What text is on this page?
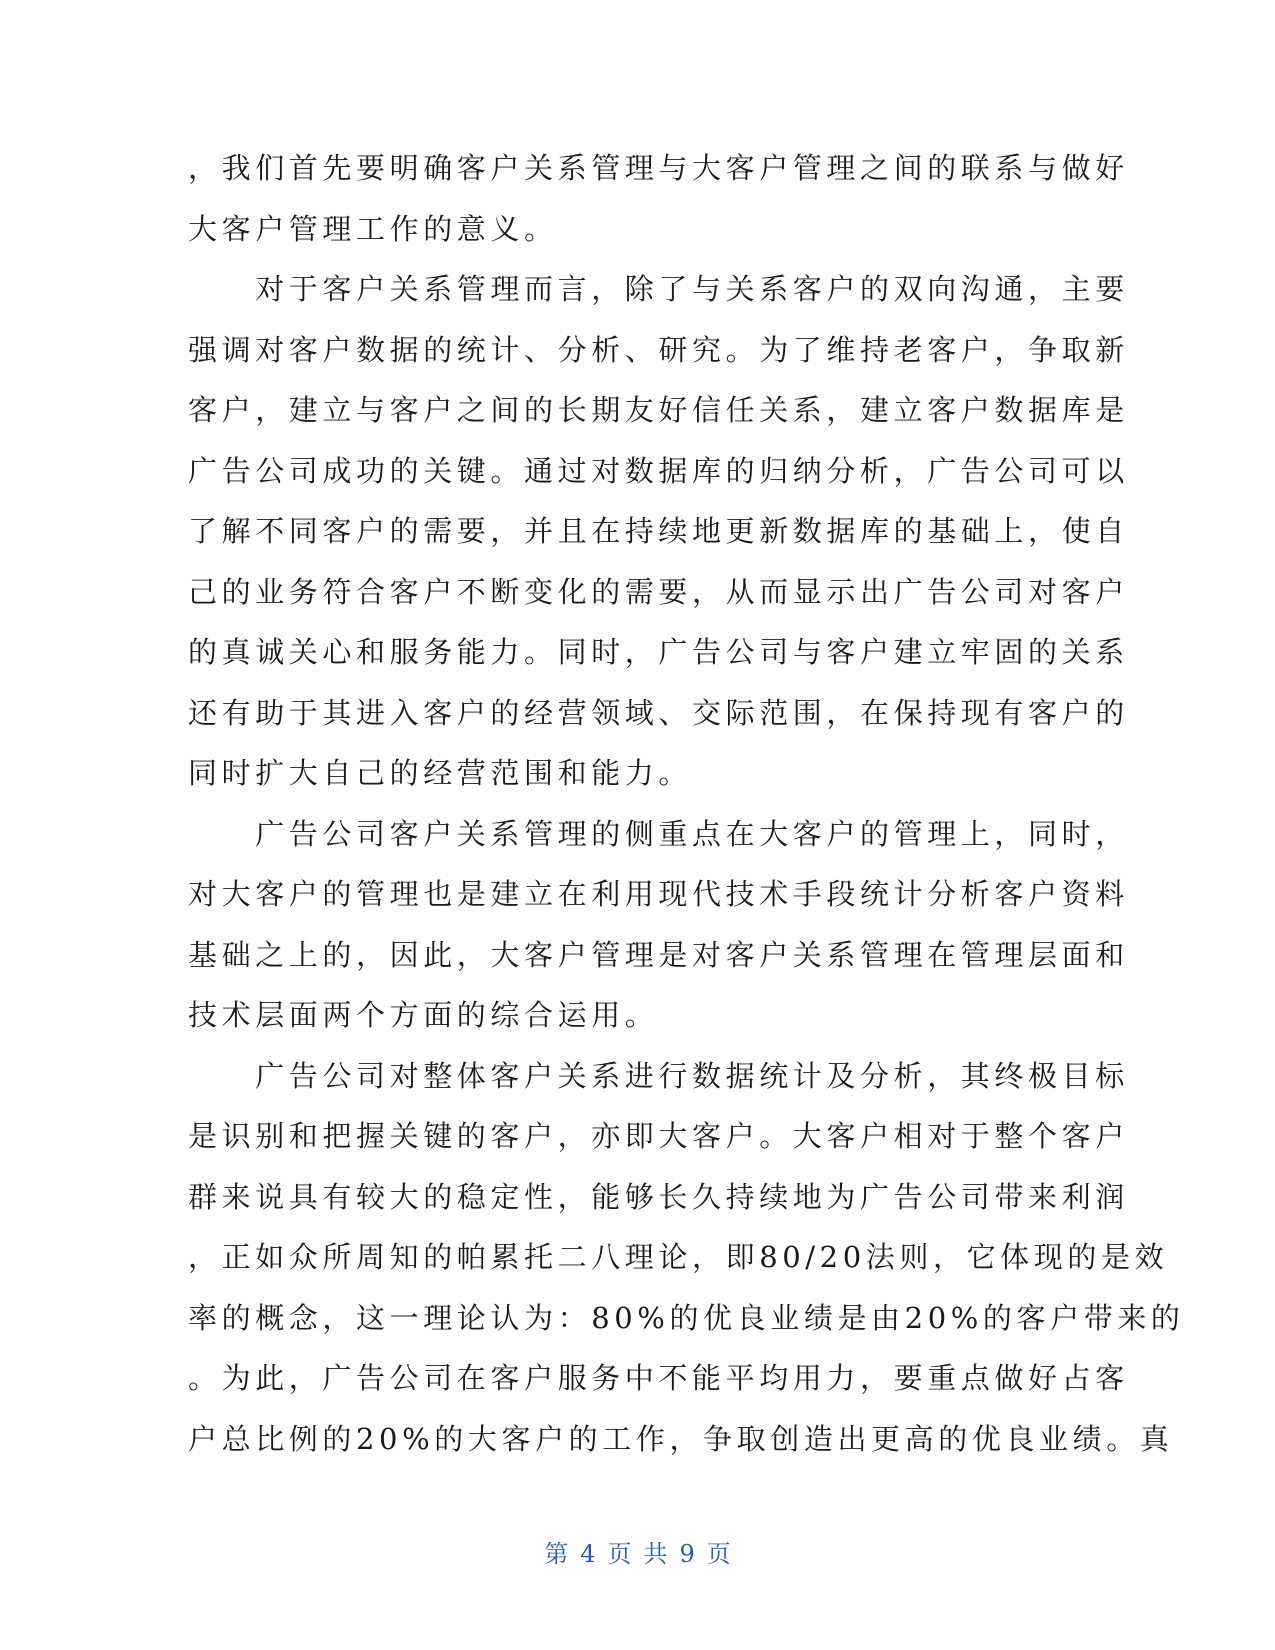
，我们首先要明确客户关系管理与大客户管理之间的联系与做好
大客户管理工作的意义。
　　对于客户关系管理而言，除了与关系客户的双向沟通，主要
强调对客户数据的统计、分析、研究。为了维持老客户，争取新
客户，建立与客户之间的长期友好信任关系，建立客户数据库是
广告公司成功的关键。通过对数据库的归纳分析，广告公司可以
了解不同客户的需要，并且在持续地更新数据库的基础上，使自
己的业务符合客户不断变化的需要，从而显示出广告公司对客户
的真诚关心和服务能力。同时，广告公司与客户建立牢固的关系
还有助于其进入客户的经营领域、交际范围，在保持现有客户的
同时扩大自己的经营范围和能力。
　　广告公司客户关系管理的侧重点在大客户的管理上，同时，
对大客户的管理也是建立在利用现代技术手段统计分析客户资料
基础之上的，因此，大客户管理是对客户关系管理在管理层面和
技术层面两个方面的综合运用。
　　广告公司对整体客户关系进行数据统计及分析，其终极目标
是识别和把握关键的客户，亦即大客户。大客户相对于整个客户
群来说具有较大的稳定性，能够长久持续地为广告公司带来利润
，正如众所周知的帕累托二八理论，即80/20法则，它体现的是效
率的概念，这一理论认为：80%的优良业绩是由20%的客户带来的
。为此，广告公司在客户服务中不能平均用力，要重点做好占客
户总比例的20%的大客户的工作，争取创造出更高的优良业绩。真
第 4 页 共 9 页
